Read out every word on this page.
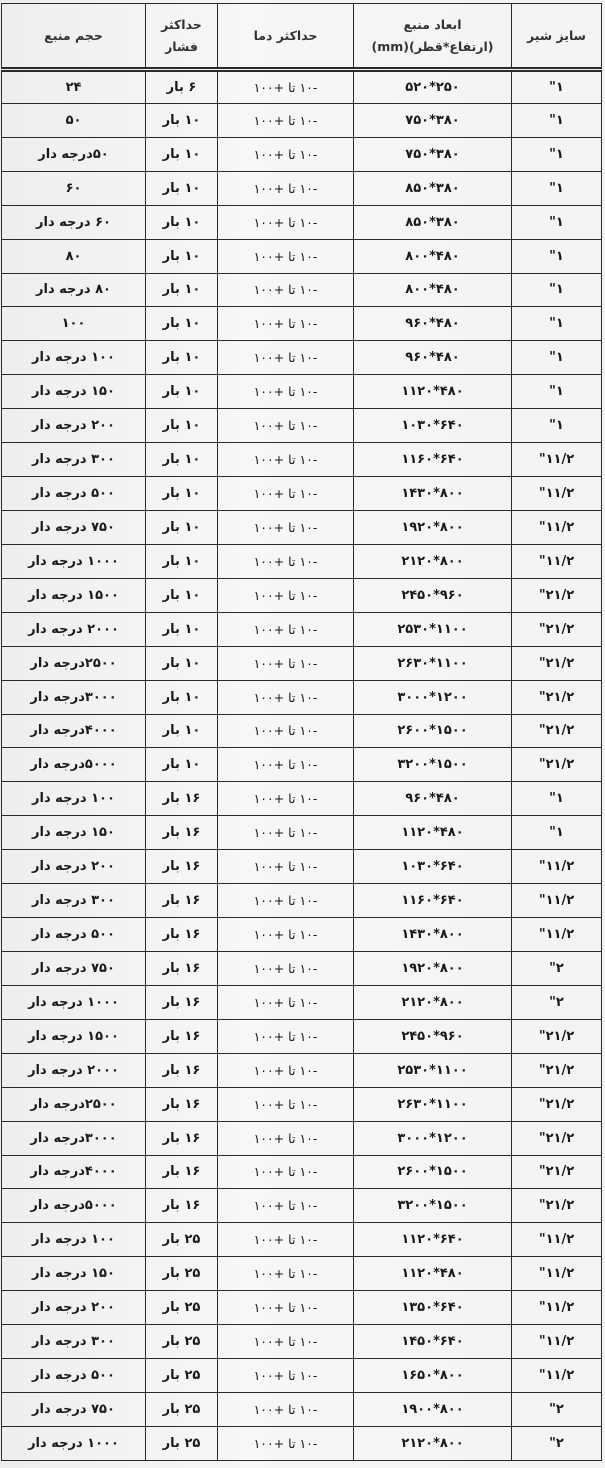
سایز شیر	ابعاد منبع
(ارتفاع*قطر)(mm)	حداکثر دما	حداکثر
فشار	حجم منبع
۱"	۲۵۰*۵۲۰	-۱۰ تا +۱۰۰	۶ بار	۲۴
۱"	۳۸۰*۷۵۰	-۱۰ تا +۱۰۰	۱۰ بار	۵۰
۱"	۳۸۰*۷۵۰	-۱۰ تا +۱۰۰	۱۰ بار	۵۰درجه دار
۱"	۳۸۰*۸۵۰	-۱۰ تا +۱۰۰	۱۰ بار	۶۰
۱"	۳۸۰*۸۵۰	-۱۰ تا +۱۰۰	۱۰ بار	۶۰ درجه دار
۱"	۴۸۰*۸۰۰	-۱۰ تا +۱۰۰	۱۰ بار	۸۰
۱"	۴۸۰*۸۰۰	-۱۰ تا +۱۰۰	۱۰ بار	۸۰ درجه دار
۱"	۴۸۰*۹۶۰	-۱۰ تا +۱۰۰	۱۰ بار	۱۰۰
۱"	۴۸۰*۹۶۰	-۱۰ تا +۱۰۰	۱۰ بار	۱۰۰ درجه دار
۱"	۴۸۰*۱۱۲۰	-۱۰ تا +۱۰۰	۱۰ بار	۱۵۰ درجه دار
۱"	۶۴۰*۱۰۳۰	-۱۰ تا +۱۰۰	۱۰ بار	۲۰۰ درجه دار
۱۱/۲"	۶۴۰*۱۱۶۰	-۱۰ تا +۱۰۰	۱۰ بار	۳۰۰ درجه دار
۱۱/۲"	۸۰۰*۱۴۳۰	-۱۰ تا +۱۰۰	۱۰ بار	۵۰۰ درجه دار
۱۱/۲"	۸۰۰*۱۹۲۰	-۱۰ تا +۱۰۰	۱۰ بار	۷۵۰ درجه دار
۱۱/۲"	۸۰۰*۲۱۲۰	-۱۰ تا +۱۰۰	۱۰ بار	۱۰۰۰ درجه دار
۲۱/۲"	۹۶۰*۲۴۵۰	-۱۰ تا +۱۰۰	۱۰ بار	۱۵۰۰ درجه دار
۲۱/۲"	۱۱۰۰*۲۵۳۰	-۱۰ تا +۱۰۰	۱۰ بار	۲۰۰۰ درجه دار
۲۱/۲"	۱۱۰۰*۲۶۳۰	-۱۰ تا +۱۰۰	۱۰ بار	۲۵۰۰درجه دار
۲۱/۲"	۱۲۰۰*۳۰۰۰	-۱۰ تا +۱۰۰	۱۰ بار	۳۰۰۰درجه دار
۲۱/۲"	۱۵۰۰*۲۶۰۰	-۱۰ تا +۱۰۰	۱۰ بار	۴۰۰۰درجه دار
۲۱/۲"	۱۵۰۰*۳۲۰۰	-۱۰ تا +۱۰۰	۱۰ بار	۵۰۰۰درجه دار
۱"	۴۸۰*۹۶۰	-۱۰ تا +۱۰۰	۱۶ بار	۱۰۰ درجه دار
۱"	۴۸۰*۱۱۲۰	-۱۰ تا +۱۰۰	۱۶ بار	۱۵۰ درجه دار
۱۱/۲"	۶۴۰*۱۰۳۰	-۱۰ تا +۱۰۰	۱۶ بار	۲۰۰ درجه دار
۱۱/۲"	۶۴۰*۱۱۶۰	-۱۰ تا +۱۰۰	۱۶ بار	۳۰۰ درجه دار
۱۱/۲"	۸۰۰*۱۴۳۰	-۱۰ تا +۱۰۰	۱۶ بار	۵۰۰ درجه دار
۲"	۸۰۰*۱۹۲۰	-۱۰ تا +۱۰۰	۱۶ بار	۷۵۰ درجه دار
۲"	۸۰۰*۲۱۲۰	-۱۰ تا +۱۰۰	۱۶ بار	۱۰۰۰ درجه دار
۲۱/۲"	۹۶۰*۲۴۵۰	-۱۰ تا +۱۰۰	۱۶ بار	۱۵۰۰ درجه دار
۲۱/۲"	۱۱۰۰*۲۵۳۰	-۱۰ تا +۱۰۰	۱۶ بار	۲۰۰۰ درجه دار
۲۱/۲"	۱۱۰۰*۲۶۳۰	-۱۰ تا +۱۰۰	۱۶ بار	۲۵۰۰درجه دار
۲۱/۲"	۱۲۰۰*۳۰۰۰	-۱۰ تا +۱۰۰	۱۶ بار	۳۰۰۰درجه دار
۲۱/۲"	۱۵۰۰*۲۶۰۰	-۱۰ تا +۱۰۰	۱۶ بار	۴۰۰۰درجه دار
۲۱/۲"	۱۵۰۰*۳۲۰۰	-۱۰ تا +۱۰۰	۱۶ بار	۵۰۰۰درجه دار
۱۱/۲"	۶۴۰*۱۱۲۰	-۱۰ تا +۱۰۰	۲۵ بار	۱۰۰ درجه دار
۱۱/۲"	۴۸۰*۱۱۲۰	-۱۰ تا +۱۰۰	۲۵ بار	۱۵۰ درجه دار
۱۱/۲"	۶۴۰*۱۳۵۰	-۱۰ تا +۱۰۰	۲۵ بار	۲۰۰ درجه دار
۱۱/۲"	۶۴۰*۱۴۵۰	-۱۰ تا +۱۰۰	۲۵ بار	۳۰۰ درجه دار
۱۱/۲"	۸۰۰*۱۶۵۰	-۱۰ تا +۱۰۰	۲۵ بار	۵۰۰ درجه دار
۲"	۸۰۰*۱۹۰۰	-۱۰ تا +۱۰۰	۲۵ بار	۷۵۰ درجه دار
۲"	۸۰۰*۲۱۲۰	-۱۰ تا +۱۰۰	۲۵ بار	۱۰۰۰ درجه دار
